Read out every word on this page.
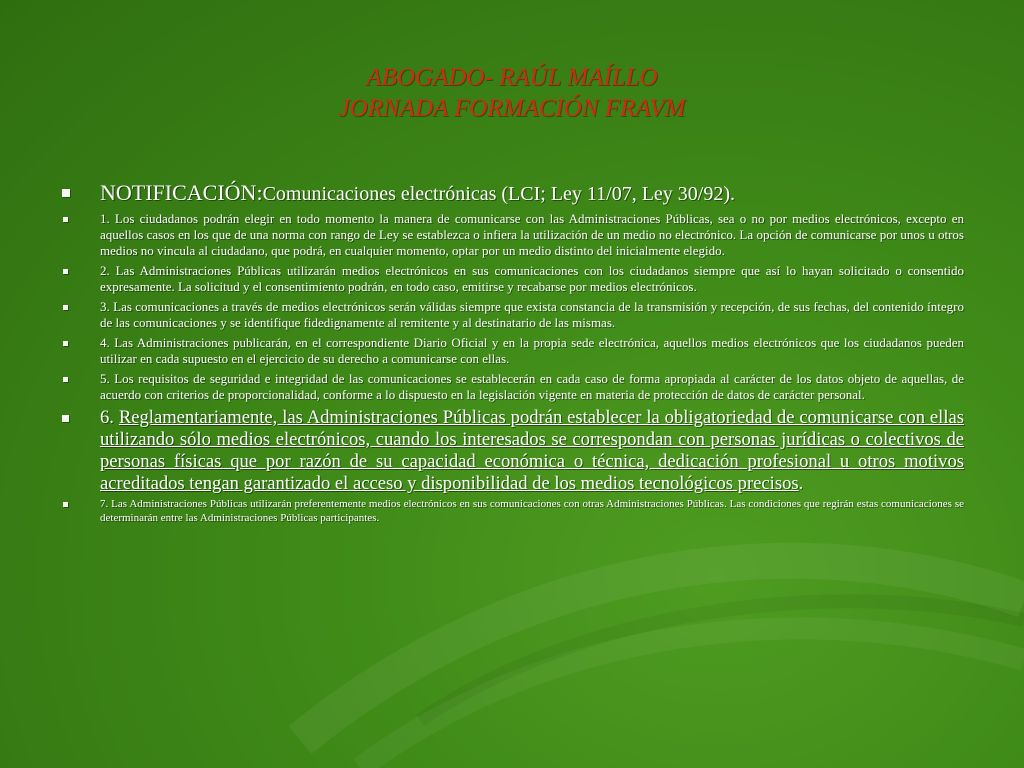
ABOGADO- RAÚL MAÍLLO
JORNADA FORMACIÓN FRAVM
NOTIFICACIÓN:Comunicaciones electrónicas (LCI; Ley 11/07, Ley 30/92).
1. Los ciudadanos podrán elegir en todo momento la manera de comunicarse con las Administraciones Públicas, sea o no por medios electrónicos, excepto en aquellos casos en los que de una norma con rango de Ley se establezca o infiera la utilización de un medio no electrónico. La opción de comunicarse por unos u otros medios no vincula al ciudadano, que podrá, en cualquier momento, optar por un medio distinto del inicialmente elegido.
2. Las Administraciones Públicas utilizarán medios electrónicos en sus comunicaciones con los ciudadanos siempre que así lo hayan solicitado o consentido expresamente. La solicitud y el consentimiento podrán, en todo caso, emitirse y recabarse por medios electrónicos.
3. Las comunicaciones a través de medios electrónicos serán válidas siempre que exista constancia de la transmisión y recepción, de sus fechas, del contenido íntegro de las comunicaciones y se identifique fidedignamente al remitente y al destinatario de las mismas.
4. Las Administraciones publicarán, en el correspondiente Diario Oficial y en la propia sede electrónica, aquellos medios electrónicos que los ciudadanos pueden utilizar en cada supuesto en el ejercicio de su derecho a comunicarse con ellas.
5. Los requisitos de seguridad e integridad de las comunicaciones se establecerán en cada caso de forma apropiada al carácter de los datos objeto de aquellas, de acuerdo con criterios de proporcionalidad, conforme a lo dispuesto en la legislación vigente en materia de protección de datos de carácter personal.
6. Reglamentariamente, las Administraciones Públicas podrán establecer la obligatoriedad de comunicarse con ellas utilizando sólo medios electrónicos, cuando los interesados se correspondan con personas jurídicas o colectivos de personas físicas que por razón de su capacidad económica o técnica, dedicación profesional u otros motivos acreditados tengan garantizado el acceso y disponibilidad de los medios tecnológicos precisos.
7. Las Administraciones Públicas utilizarán preferentemente medios electrónicos en sus comunicaciones con otras Administraciones Públicas. Las condiciones que regirán estas comunicaciones se determinarán entre las Administraciones Públicas participantes.
